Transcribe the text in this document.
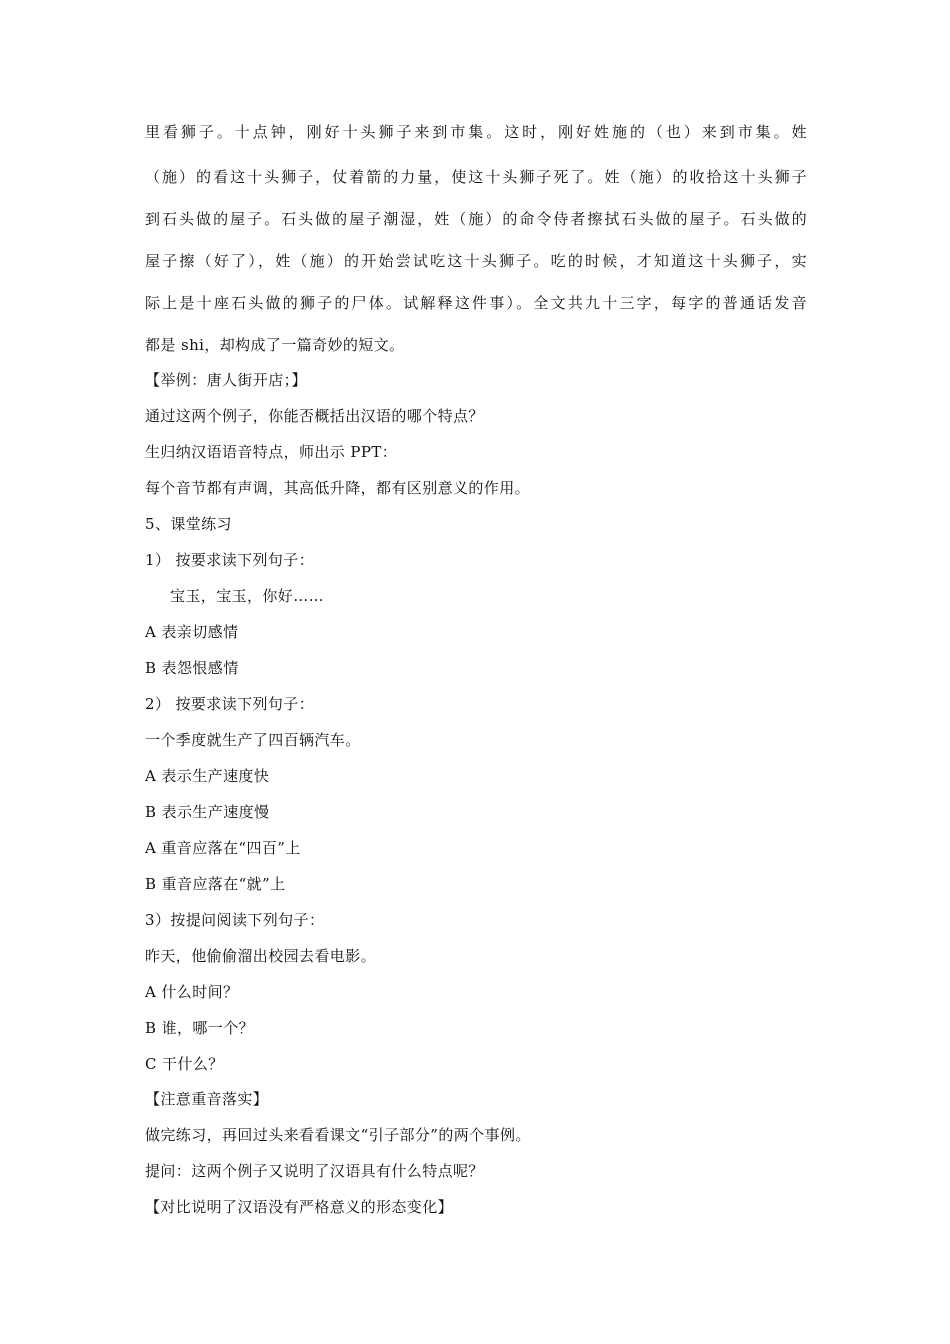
里看狮子。十点钟，刚好十头狮子来到市集。这时，刚好姓施的（也）来到市集。姓
（施）的看这十头狮子，仗着箭的力量，使这十头狮子死了。姓（施）的收拾这十头狮子
到石头做的屋子。石头做的屋子潮湿，姓（施）的命令侍者擦拭石头做的屋子。石头做的
屋子擦（好了），姓（施）的开始尝试吃这十头狮子。吃的时候，才知道这十头狮子，实
际上是十座石头做的狮子的尸体。试解释这件事）。全文共九十三字，每字的普通话发音
都是 shi，却构成了一篇奇妙的短文。
【举例：唐人街开店；】
通过这两个例子，你能否概括出汉语的哪个特点？
生归纳汉语语音特点，师出示 PPT：
每个音节都有声调，其高低升降，都有区别意义的作用。
5、课堂练习
1） 按要求读下列句子：
宝玉，宝玉，你好……
A 表亲切感情
B 表怨恨感情
2） 按要求读下列句子：
一个季度就生产了四百辆汽车。
A 表示生产速度快
B 表示生产速度慢
A 重音应落在“四百”上
B 重音应落在“就”上
3）按提问阅读下列句子：
昨天，他偷偷溜出校园去看电影。
A 什么时间？
B 谁，哪一个？
C 干什么？
【注意重音落实】
做完练习，再回过头来看看课文“引子部分”的两个事例。
提问：这两个例子又说明了汉语具有什么特点呢？
【对比说明了汉语没有严格意义的形态变化】
